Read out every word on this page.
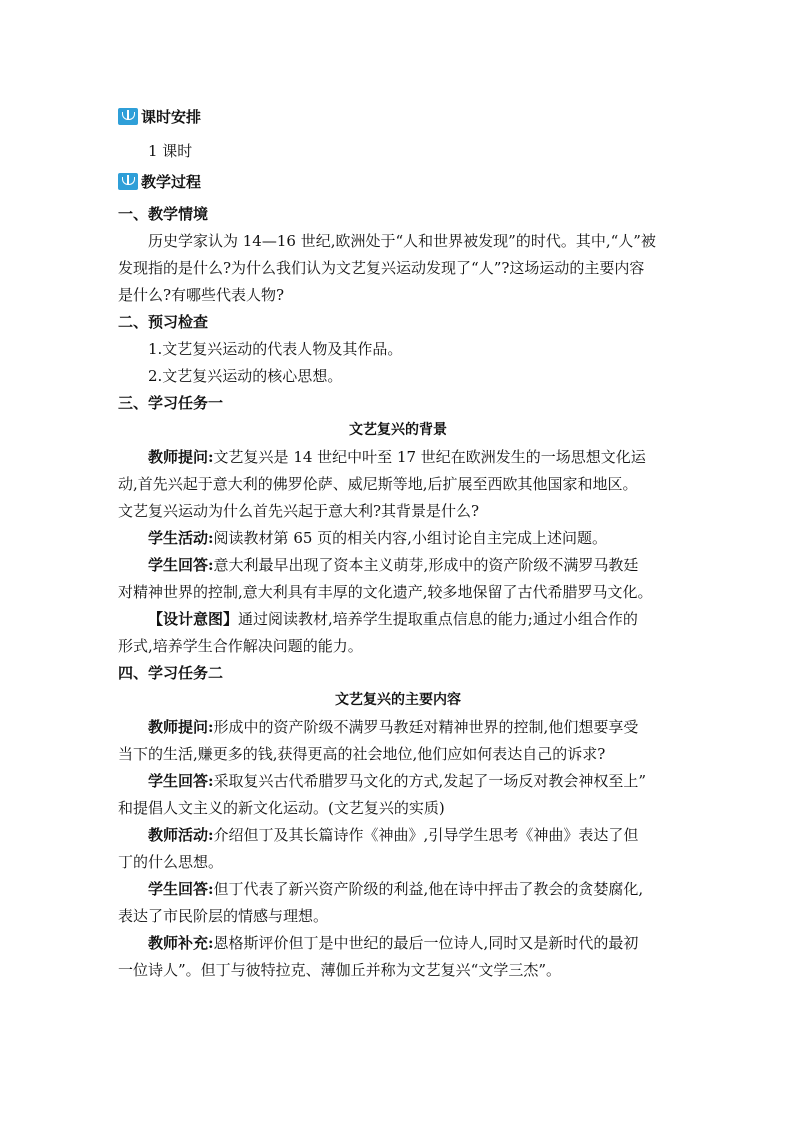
课时安排
1 课时
教学过程
一、教学情境
历史学家认为 14—16 世纪,欧洲处于“人和世界被发现”的时代。其中,“人”被
发现指的是什么?为什么我们认为文艺复兴运动发现了“人”?这场运动的主要内容
是什么?有哪些代表人物?
二、预习检查
1.文艺复兴运动的代表人物及其作品。
2.文艺复兴运动的核心思想。
三、学习任务一
文艺复兴的背景
教师提问:文艺复兴是 14 世纪中叶至 17 世纪在欧洲发生的一场思想文化运
动,首先兴起于意大利的佛罗伦萨、威尼斯等地,后扩展至西欧其他国家和地区。
文艺复兴运动为什么首先兴起于意大利?其背景是什么?
学生活动:阅读教材第 65 页的相关内容,小组讨论自主完成上述问题。
学生回答:意大利最早出现了资本主义萌芽,形成中的资产阶级不满罗马教廷
对精神世界的控制,意大利具有丰厚的文化遗产,较多地保留了古代希腊罗马文化。
【设计意图】通过阅读教材,培养学生提取重点信息的能力;通过小组合作的
形式,培养学生合作解决问题的能力。
四、学习任务二
文艺复兴的主要内容
教师提问:形成中的资产阶级不满罗马教廷对精神世界的控制,他们想要享受
当下的生活,赚更多的钱,获得更高的社会地位,他们应如何表达自己的诉求?
学生回答:采取复兴古代希腊罗马文化的方式,发起了一场反对教会神权至上”
和提倡人文主义的新文化运动。(文艺复兴的实质)
教师活动:介绍但丁及其长篇诗作《神曲》,引导学生思考《神曲》表达了但
丁的什么思想。
学生回答:但丁代表了新兴资产阶级的利益,他在诗中抨击了教会的贪婪腐化,
表达了市民阶层的情感与理想。
教师补充:恩格斯评价但丁是中世纪的最后一位诗人,同时又是新时代的最初
一位诗人”。但丁与彼特拉克、薄伽丘并称为文艺复兴“文学三杰”。
